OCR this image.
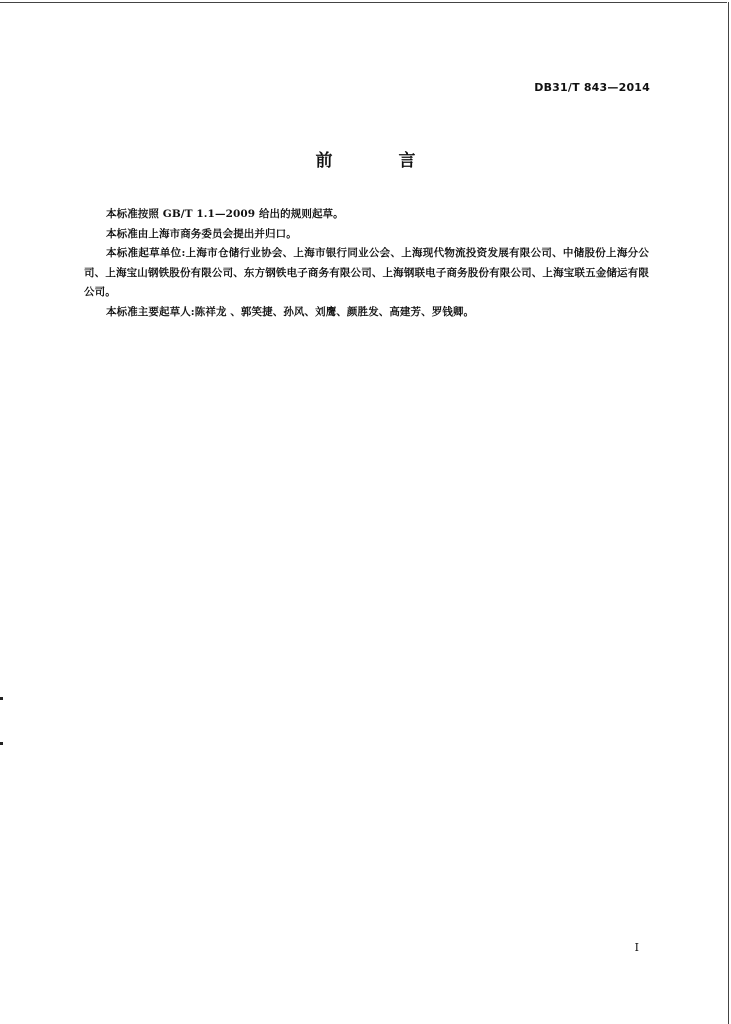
DB31/T 843—2014
前 言

本标准按照 GB/T 1.1—2009 给出的规则起草。

本标准由上海市商务委员会提出并归口。

本标准起草单位:上海市仓储行业协会、上海市银行同业公会、上海现代物流投资发展有限公司、中储股份上海分公司、上海宝山钢铁股份有限公司、东方钢铁电子商务有限公司、上海钢联电子商务股份有限公司、上海宝联五金储运有限公司。

本标准主要起草人:陈祥龙 、郭笑捷、孙风、刘鹰、颜胜发、高建芳、罗钱卿。

I
